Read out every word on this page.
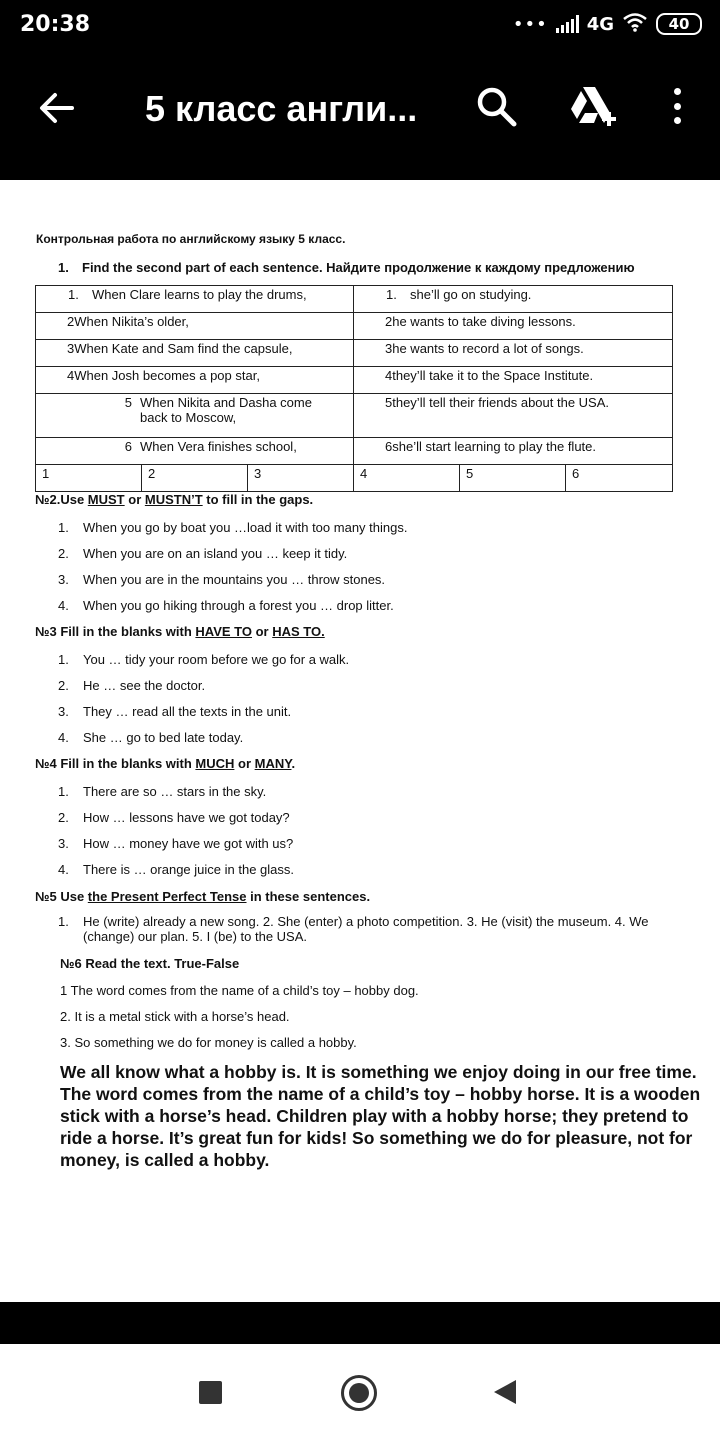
20:38	••• 4G	40
5 класс англи...
Контрольная работа по английскому языку 5 класс.
1. Find the second part of each sentence. Найдите продолжение к каждому предложению
1. When Clare learns to play the drums,			1. she’ll go on studying.		
2When Nikita’s older,			2he wants to take diving lessons.		
3When Kate and Sam find the capsule,			3he wants to record a lot of songs.		
4When Josh becomes a pop star,			4they’ll take it to the Space Institute.		

5 When Nikita and Dasha come back to Moscow,			5they’ll tell their friends about the USA.		

6 When Vera finishes school,			6she’ll start learning to play the flute.		
1	2	3	4	5	6
№2.Use MUST or MUSTN’T to fill in the gaps.
1.	When you go by boat you …load it with too many things.
2.	When you are on an island you … keep it tidy.
3.	When you are in the mountains you … throw stones.
4.	When you go hiking through a forest you … drop litter.
№3 Fill in the blanks with HAVE TO or HAS TO.
1.	You … tidy your room before we go for a walk.
2.	He … see the doctor.
3.	They … read all the texts in the unit.
4.	She … go to bed late today.
№4 Fill in the blanks with MUCH or MANY.
1.	There are so … stars in the sky.
2.	How … lessons have we got today?
3.	How … money have we got with us?
4.	There is … orange juice in the glass.
№5 Use the Present Perfect Tense in these sentences.
1.	He (write) already a new song. 2. She (enter) a photo competition. 3. He (visit) the museum. 4. We (change) our plan. 5. I (be) to the USA.
№6 Read the text. True-False
1 The word comes from the name of a child’s toy – hobby dog.
2. It is a metal stick with a horse’s head.
3. So something we do for money is called a hobby.
We all know what a hobby is. It is something we enjoy doing in our free time. The word comes from the name of a child’s toy – hobby horse. It is a wooden stick with a horse’s head. Children play with a hobby horse; they pretend to ride a horse. It’s great fun for kids! So something we do for pleasure, not for money, is called a hobby.
